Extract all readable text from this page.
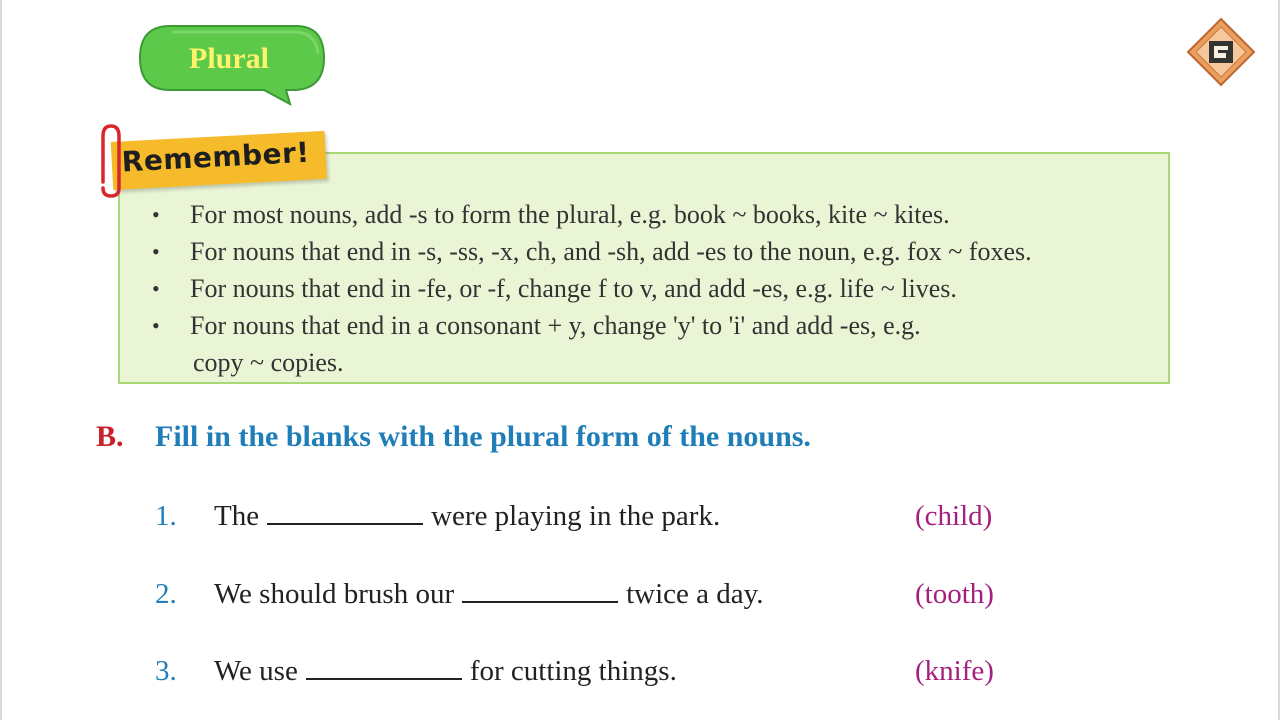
Plural
Remember!
• For most nouns, add -s to form the plural, e.g. book ~ books, kite ~ kites.
• For nouns that end in -s, -ss, -x, ch, and -sh, add -es to the noun, e.g. fox ~ foxes.
• For nouns that end in -fe, or -f, change f to v, and add -es, e.g. life ~ lives.
• For nouns that end in a consonant + y, change 'y' to 'i' and add -es, e.g.
copy ~ copies.
B. Fill in the blanks with the plural form of the nouns.
1. The	were playing in the park.	(child)
2. We should brush our	twice a day.	(tooth)
3. We use	for cutting things.	(knife)
